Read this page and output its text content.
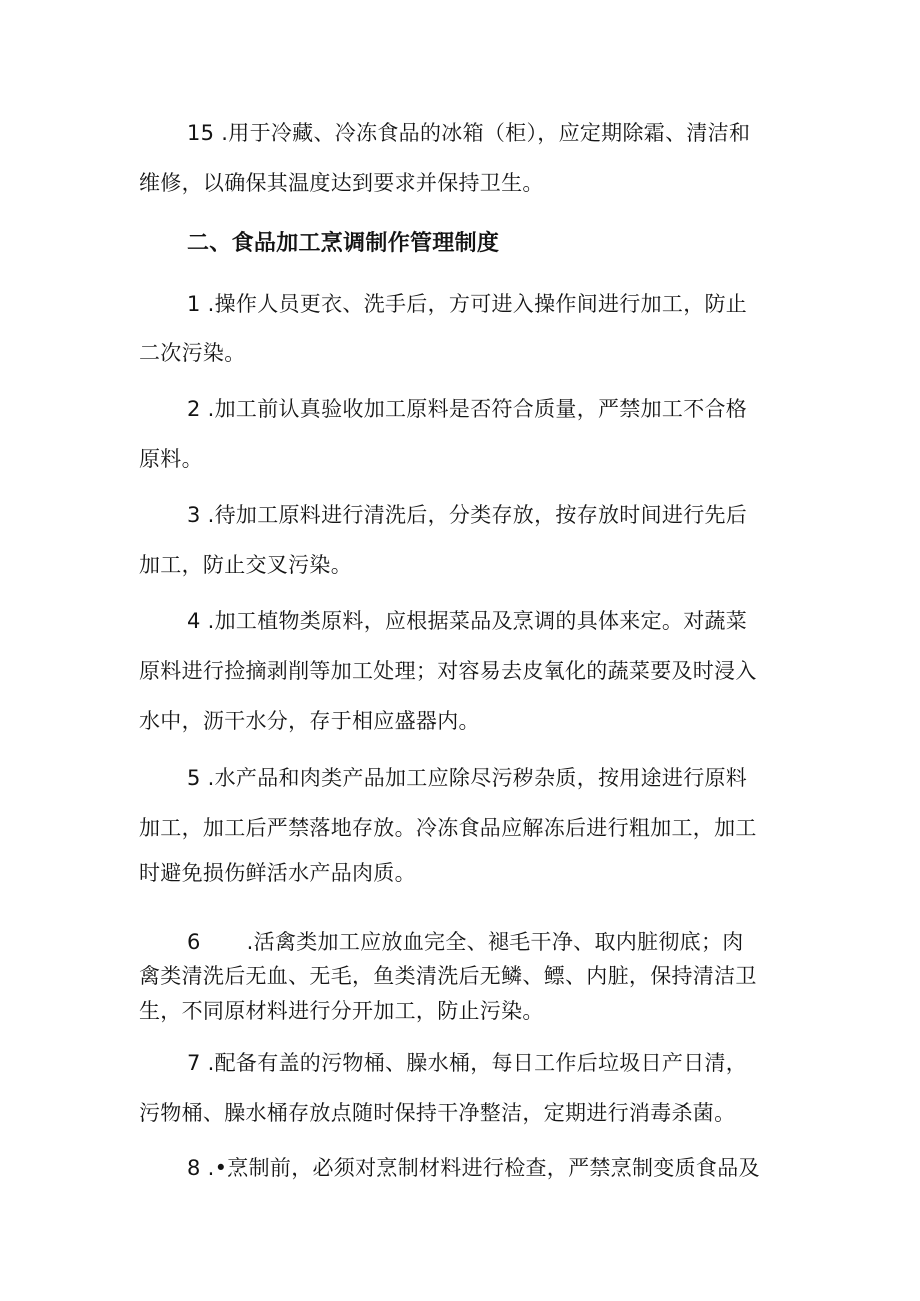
15 .用于冷藏、冷冻食品的冰箱（柜），应定期除霜、清洁和
维修，以确保其温度达到要求并保持卫生。
二、食品加工烹调制作管理制度
1 .操作人员更衣、洗手后，方可进入操作间进行加工，防止
二次污染。
2 .加工前认真验收加工原料是否符合质量，严禁加工不合格
原料。
3 .待加工原料进行清洗后，分类存放，按存放时间进行先后
加工，防止交叉污染。
4 .加工植物类原料，应根据菜品及烹调的具体来定。对蔬菜
原料进行捡摘剥削等加工处理；对容易去皮氧化的蔬菜要及时浸入
水中，沥干水分，存于相应盛器内。
5 .水产品和肉类产品加工应除尽污秽杂质，按用途进行原料
加工，加工后严禁落地存放。冷冻食品应解冻后进行粗加工，加工
时避免损伤鲜活水产品肉质。
6 .活禽类加工应放血完全、褪毛干净、取内脏彻底；肉
禽类清洗后无血、无毛，鱼类清洗后无鳞、鳔、内脏，保持清洁卫
生，不同原材料进行分开加工，防止污染。
7 .配备有盖的污物桶、臊水桶，每日工作后垃圾日产日清，
污物桶、臊水桶存放点随时保持干净整洁，定期进行消毒杀菌。
8 .•烹制前，必须对烹制材料进行检查，严禁烹制变质食品及
